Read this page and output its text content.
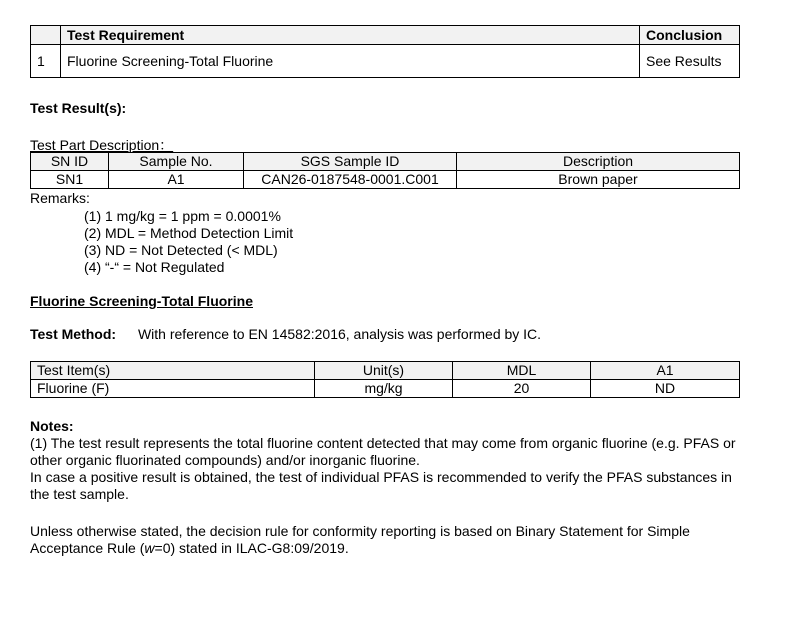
	Test Requirement	Conclusion
1	Fluorine Screening-Total Fluorine	See Results
Test Result(s):
Test Part Description：
SN ID	Sample No.	SGS Sample ID	Description
SN1	A1	CAN26-0187548-0001.C001	Brown paper
Remarks:
(1) 1 mg/kg = 1 ppm = 0.0001%
(2) MDL = Method Detection Limit
(3) ND = Not Detected (< MDL)
(4) “-“ = Not Regulated
Fluorine Screening-Total Fluorine
Test Method: With reference to EN 14582:2016, analysis was performed by IC.
Test Item(s)	Unit(s)	MDL	A1
Fluorine (F)	mg/kg	20	ND
Notes:
(1) The test result represents the total fluorine content detected that may come from organic fluorine (e.g. PFAS or other organic fluorinated compounds) and/or inorganic fluorine.
In case a positive result is obtained, the test of individual PFAS is recommended to verify the PFAS substances in the test sample.
Unless otherwise stated, the decision rule for conformity reporting is based on Binary Statement for Simple Acceptance Rule (w=0) stated in ILAC-G8:09/2019.
